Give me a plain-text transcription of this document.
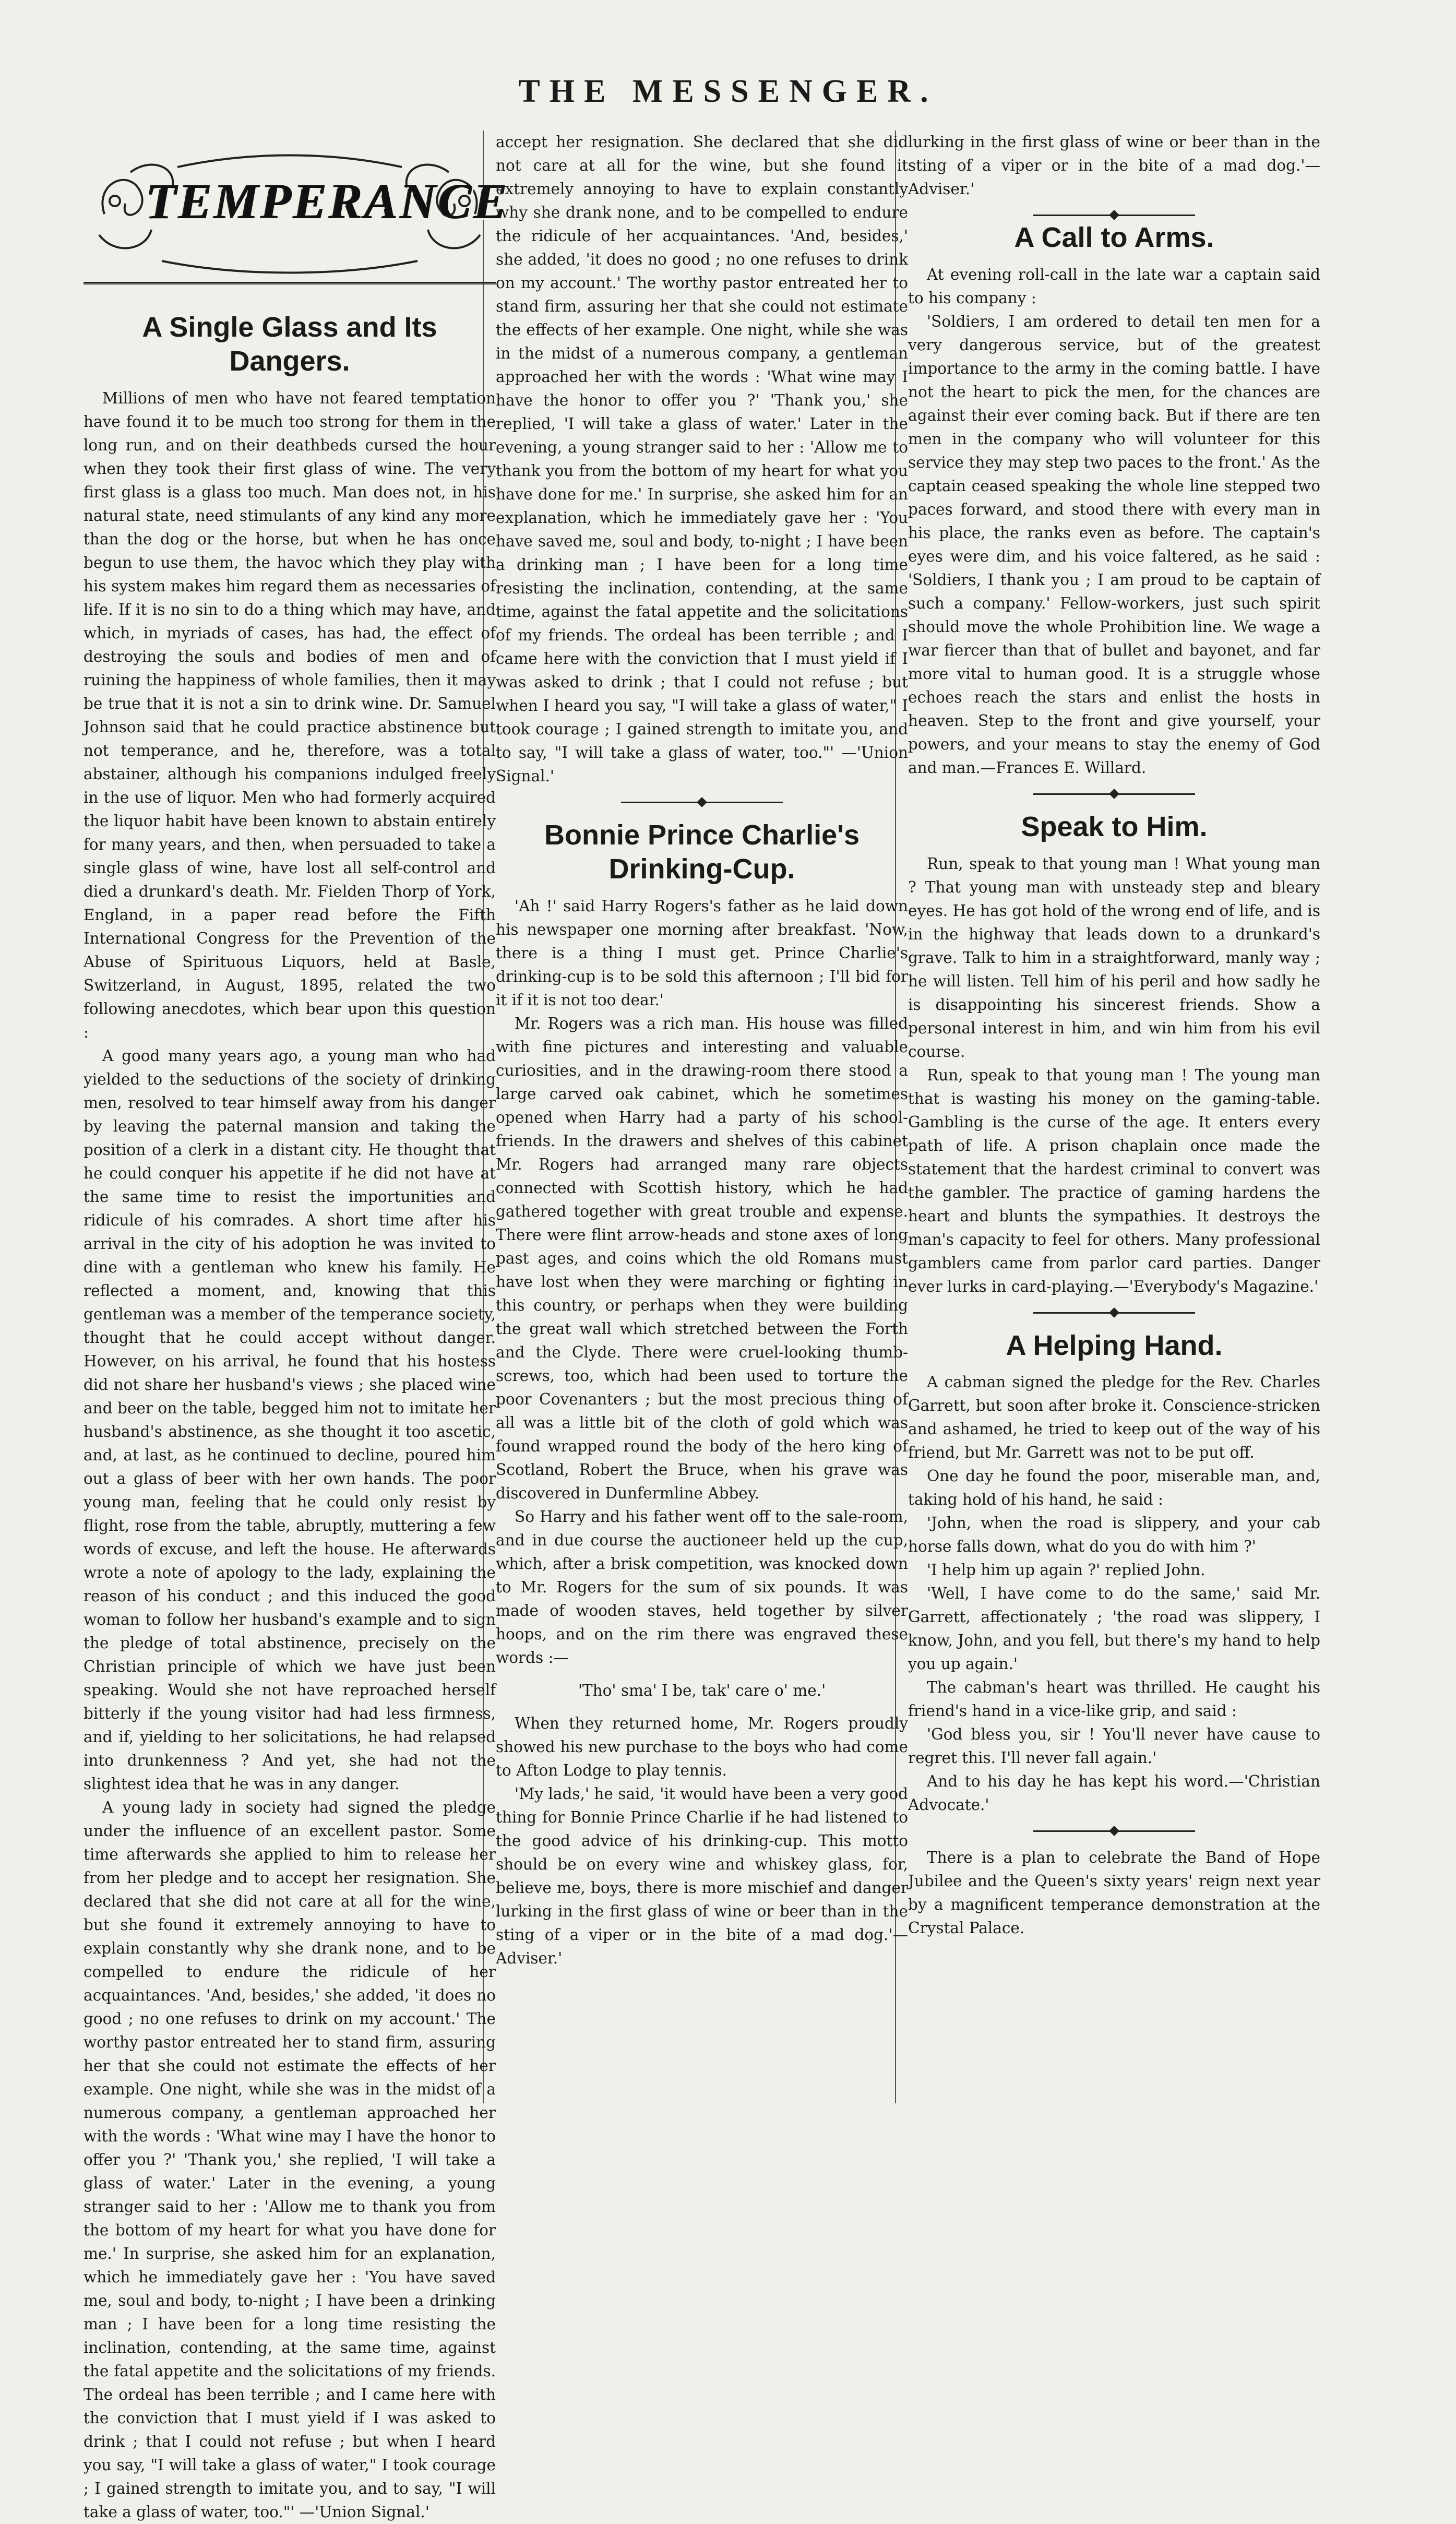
THE MESSENGER.
TEMPERANCE
A Single Glass and Its Dangers.

Millions of men who have not feared temptation have found it to be much too strong for them in the long run, and on their deathbeds cursed the hour when they took their first glass of wine. The very first glass is a glass too much. Man does not, in his natural state, need stimulants of any kind any more than the dog or the horse, but when he has once begun to use them, the havoc which they play with his system makes him regard them as necessaries of life. If it is no sin to do a thing which may have, and which, in myriads of cases, has had, the effect of destroying the souls and bodies of men and of ruining the happiness of whole families, then it may be true that it is not a sin to drink wine. Dr. Samuel Johnson said that he could practice abstinence but not temperance, and he, therefore, was a total abstainer, although his companions indulged freely in the use of liquor. Men who had formerly acquired the liquor habit have been known to abstain entirely for many years, and then, when persuaded to take a single glass of wine, have lost all self-control and died a drunkard's death. Mr. Fielden Thorp of York, England, in a paper read before the Fifth International Congress for the Prevention of the Abuse of Spirituous Liquors, held at Basle, Switzerland, in August, 1895, related the two following anecdotes, which bear upon this question :

A good many years ago, a young man who had yielded to the seductions of the society of drinking men, resolved to tear himself away from his danger by leaving the paternal mansion and taking the position of a clerk in a distant city. He thought that he could conquer his appetite if he did not have at the same time to resist the importunities and ridicule of his comrades. A short time after his arrival in the city of his adoption he was invited to dine with a gentleman who knew his family. He reflected a moment, and, knowing that this gentleman was a member of the temperance society, thought that he could accept without danger. However, on his arrival, he found that his hostess did not share her husband's views ; she placed wine and beer on the table, begged him not to imitate her husband's abstinence, as she thought it too ascetic, and, at last, as he continued to decline, poured him out a glass of beer with her own hands. The poor young man, feeling that he could only resist by flight, rose from the table, abruptly, muttering a few words of excuse, and left the house. He afterwards wrote a note of apology to the lady, explaining the reason of his conduct ; and this induced the good woman to follow her husband's example and to sign the pledge of total abstinence, precisely on the Christian principle of which we have just been speaking. Would she not have reproached herself bitterly if the young visitor had had less firmness, and if, yielding to her solicitations, he had relapsed into drunkenness ? And yet, she had not the slightest idea that he was in any danger.

A young lady in society had signed the pledge under the influence of an excellent pastor. Some time afterwards she applied to him to release her from her pledge and to accept her resignation. She declared that she did not care at all for the wine, but she found it extremely annoying to have to explain constantly why she drank none, and to be compelled to endure the ridicule of her acquaintances. 'And, besides,' she added, 'it does no good ; no one refuses to drink on my account.' The worthy pastor entreated her to stand firm, assuring her that she could not estimate the effects of her example. One night, while she was in the midst of a numerous company, a gentleman approached her with the words : 'What wine may I have the honor to offer you ?' 'Thank you,' she replied, 'I will take a glass of water.' Later in the evening, a young stranger said to her : 'Allow me to thank you from the bottom of my heart for what you have done for me.' In surprise, she asked him for an explanation, which he immediately gave her : 'You have saved me, soul and body, to-night ; I have been a drinking man ; I have been for a long time resisting the inclination, contending, at the same time, against the fatal appetite and the solicitations of my friends. The ordeal has been terrible ; and I came here with the conviction that I must yield if I was asked to drink ; that I could not refuse ; but when I heard you say, "I will take a glass of water," I took courage ; I gained strength to imitate you, and to say, "I will take a glass of water, too."' —'Union Signal.'

accept her resignation. She declared that she did not care at all for the wine, but she found it extremely annoying to have to explain constantly why she drank none, and to be compelled to endure the ridicule of her acquaintances. 'And, besides,' she added, 'it does no good ; no one refuses to drink on my account.' The worthy pastor entreated her to stand firm, assuring her that she could not estimate the effects of her example. One night, while she was in the midst of a numerous company, a gentleman approached her with the words : 'What wine may I have the honor to offer you ?' 'Thank you,' she replied, 'I will take a glass of water.' Later in the evening, a young stranger said to her : 'Allow me to thank you from the bottom of my heart for what you have done for me.' In surprise, she asked him for an explanation, which he immediately gave her : 'You have saved me, soul and body, to-night ; I have been a drinking man ; I have been for a long time resisting the inclination, contending, at the same time, against the fatal appetite and the solicitations of my friends. The ordeal has been terrible ; and I came here with the conviction that I must yield if I was asked to drink ; that I could not refuse ; but when I heard you say, "I will take a glass of water," I took courage ; I gained strength to imitate you, and to say, "I will take a glass of water, too."' —'Union Signal.'

Bonnie Prince Charlie's Drinking-Cup.

'Ah !' said Harry Rogers's father as he laid down his newspaper one morning after breakfast. 'Now, there is a thing I must get. Prince Charlie's drinking-cup is to be sold this afternoon ; I'll bid for it if it is not too dear.'

Mr. Rogers was a rich man. His house was filled with fine pictures and interesting and valuable curiosities, and in the drawing-room there stood a large carved oak cabinet, which he sometimes opened when Harry had a party of his school-friends. In the drawers and shelves of this cabinet Mr. Rogers had arranged many rare objects connected with Scottish history, which he had gathered together with great trouble and expense. There were flint arrow-heads and stone axes of long past ages, and coins which the old Romans must have lost when they were marching or fighting in this country, or perhaps when they were building the great wall which stretched between the Forth and the Clyde. There were cruel-looking thumb-screws, too, which had been used to torture the poor Covenanters ; but the most precious thing of all was a little bit of the cloth of gold which was found wrapped round the body of the hero king of Scotland, Robert the Bruce, when his grave was discovered in Dunfermline Abbey.

So Harry and his father went off to the sale-room, and in due course the auctioneer held up the cup, which, after a brisk competition, was knocked down to Mr. Rogers for the sum of six pounds. It was made of wooden staves, held together by silver hoops, and on the rim there was engraved these words :—

'Tho' sma' I be, tak' care o' me.'

When they returned home, Mr. Rogers proudly showed his new purchase to the boys who had come to Afton Lodge to play tennis.

'My lads,' he said, 'it would have been a very good thing for Bonnie Prince Charlie if he had listened to the good advice of his drinking-cup. This motto should be on every wine and whiskey glass, for, believe me, boys, there is more mischief and danger lurking in the first glass of wine or beer than in the sting of a viper or in the bite of a mad dog.'—Adviser.'

lurking in the first glass of wine or beer than in the sting of a viper or in the bite of a mad dog.'—Adviser.'

A Call to Arms.

At evening roll-call in the late war a captain said to his company :

'Soldiers, I am ordered to detail ten men for a very dangerous service, but of the greatest importance to the army in the coming battle. I have not the heart to pick the men, for the chances are against their ever coming back. But if there are ten men in the company who will volunteer for this service they may step two paces to the front.' As the captain ceased speaking the whole line stepped two paces forward, and stood there with every man in his place, the ranks even as before. The captain's eyes were dim, and his voice faltered, as he said : 'Soldiers, I thank you ; I am proud to be captain of such a company.' Fellow-workers, just such spirit should move the whole Prohibition line. We wage a war fiercer than that of bullet and bayonet, and far more vital to human good. It is a struggle whose echoes reach the stars and enlist the hosts in heaven. Step to the front and give yourself, your powers, and your means to stay the enemy of God and man.—Frances E. Willard.

Speak to Him.

Run, speak to that young man ! What young man ? That young man with unsteady step and bleary eyes. He has got hold of the wrong end of life, and is in the highway that leads down to a drunkard's grave. Talk to him in a straightforward, manly way ; he will listen. Tell him of his peril and how sadly he is disappointing his sincerest friends. Show a personal interest in him, and win him from his evil course.

Run, speak to that young man ! The young man that is wasting his money on the gaming-table. Gambling is the curse of the age. It enters every path of life. A prison chaplain once made the statement that the hardest criminal to convert was the gambler. The practice of gaming hardens the heart and blunts the sympathies. It destroys the man's capacity to feel for others. Many professional gamblers came from parlor card parties. Danger ever lurks in card-playing.—'Everybody's Magazine.'

A Helping Hand.

A cabman signed the pledge for the Rev. Charles Garrett, but soon after broke it. Conscience-stricken and ashamed, he tried to keep out of the way of his friend, but Mr. Garrett was not to be put off.

One day he found the poor, miserable man, and, taking hold of his hand, he said :

'John, when the road is slippery, and your cab horse falls down, what do you do with him ?'

'I help him up again ?' replied John.

'Well, I have come to do the same,' said Mr. Garrett, affectionately ; 'the road was slippery, I know, John, and you fell, but there's my hand to help you up again.'

The cabman's heart was thrilled. He caught his friend's hand in a vice-like grip, and said :

'God bless you, sir ! You'll never have cause to regret this. I'll never fall again.'

And to his day he has kept his word.—'Christian Advocate.'

There is a plan to celebrate the Band of Hope Jubilee and the Queen's sixty years' reign next year by a magnificent temperance demonstration at the Crystal Palace.
